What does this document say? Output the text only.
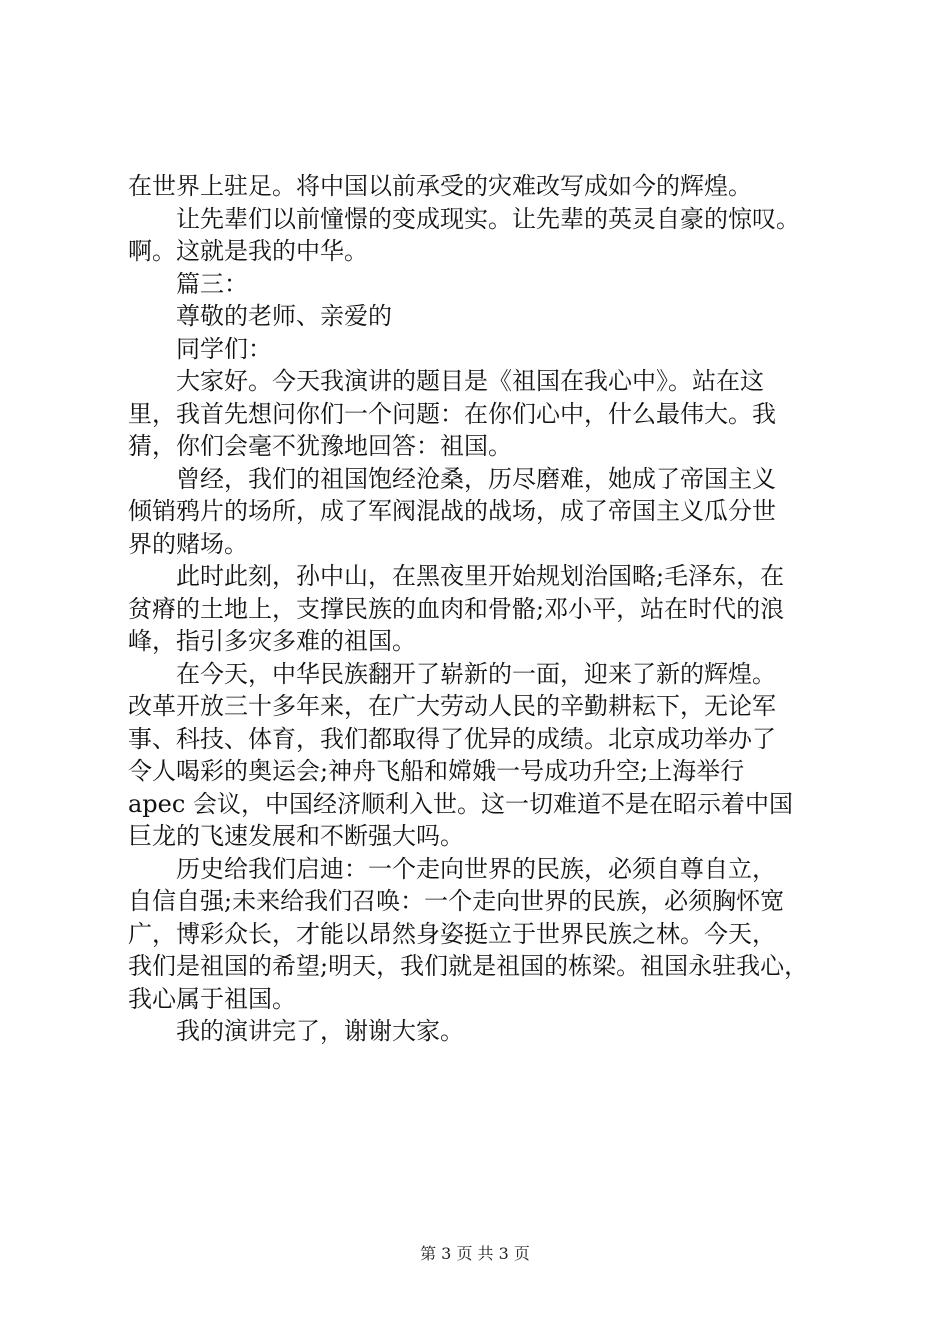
在世界上驻足。将中国以前承受的灾难改写成如今的辉煌。
让先辈们以前憧憬的变成现实。让先辈的英灵自豪的惊叹。
啊。这就是我的中华。
篇三：
尊敬的老师、亲爱的
同学们：
大家好。今天我演讲的题目是《祖国在我心中》。站在这
里，我首先想问你们一个问题：在你们心中，什么最伟大。我
猜，你们会毫不犹豫地回答：祖国。
曾经，我们的祖国饱经沧桑，历尽磨难，她成了帝国主义
倾销鸦片的场所，成了军阀混战的战场，成了帝国主义瓜分世
界的赌场。
此时此刻，孙中山，在黑夜里开始规划治国略;毛泽东，在
贫瘠的土地上，支撑民族的血肉和骨骼;邓小平，站在时代的浪
峰，指引多灾多难的祖国。
在今天，中华民族翻开了崭新的一面，迎来了新的辉煌。
改革开放三十多年来，在广大劳动人民的辛勤耕耘下，无论军
事、科技、体育，我们都取得了优异的成绩。北京成功举办了
令人喝彩的奥运会;神舟飞船和嫦娥一号成功升空;上海举行
apec 会议，中国经济顺利入世。这一切难道不是在昭示着中国
巨龙的飞速发展和不断强大吗。
历史给我们启迪：一个走向世界的民族，必须自尊自立，
自信自强;未来给我们召唤：一个走向世界的民族，必须胸怀宽
广，博彩众长，才能以昂然身姿挺立于世界民族之林。今天，
我们是祖国的希望;明天，我们就是祖国的栋梁。祖国永驻我心，
我心属于祖国。
我的演讲完了，谢谢大家。
第 3 页 共 3 页
